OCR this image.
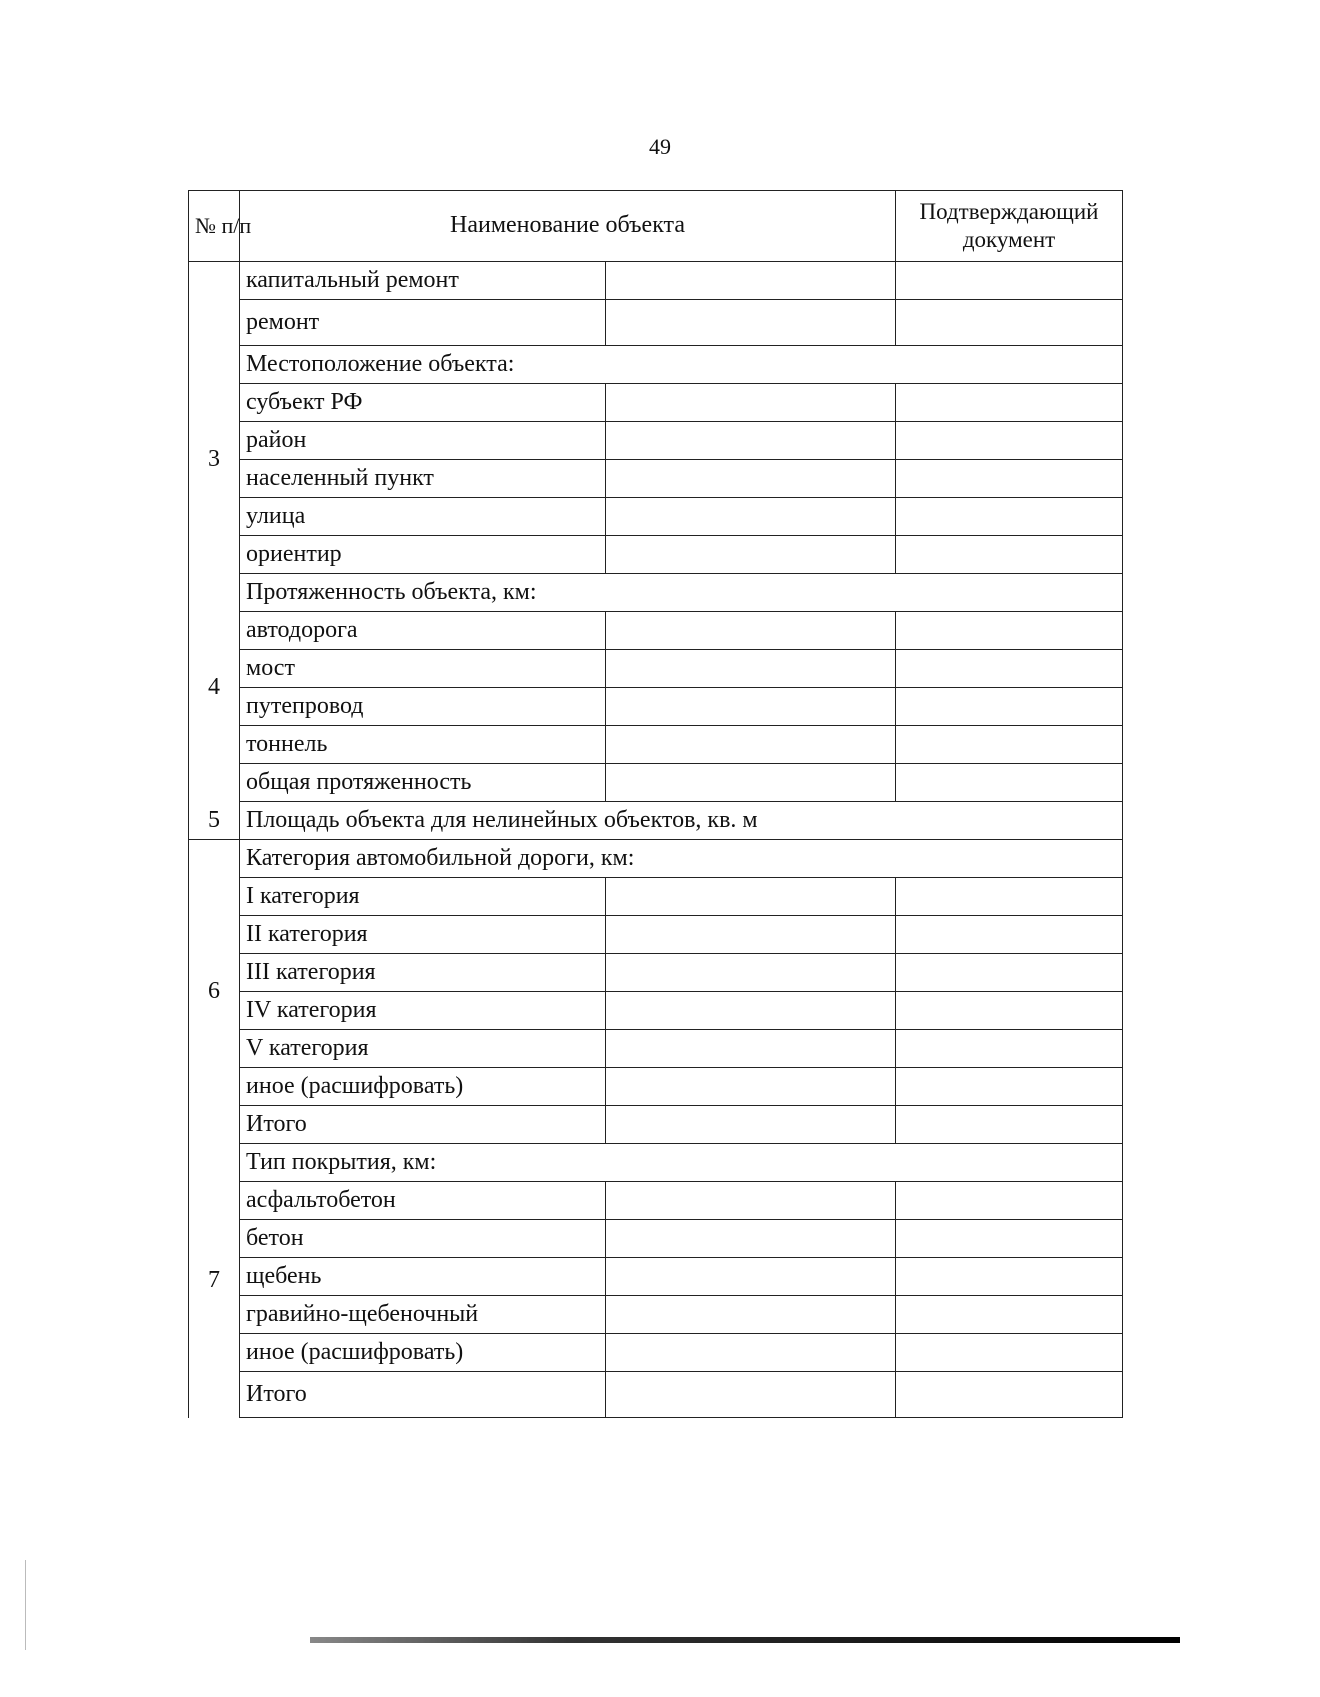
49
№ п/п	Наименование объекта		Подтверждающий документ
	капитальный ремонт		
	ремонт		
3	Местоположение объекта:		
	субъект РФ		
	район		
	населенный пункт		
	улица		
	ориентир		
4	Протяженность объекта, км:		
	автодорога		
	мост		
	путепровод		
	тоннель		
	общая протяженность		
5	Площадь объекта для нелинейных объектов, кв. м		
6	Категория автомобильной дороги, км:		
	I категория		
	II категория		
	III категория		
	IV категория		
	V категория		
	иное (расшифровать)		
	Итого		
7	Тип покрытия, км:		
	асфальтобетон		
	бетон		
	щебень		
	гравийно-щебеночный		
	иное (расшифровать)		
	Итого		
